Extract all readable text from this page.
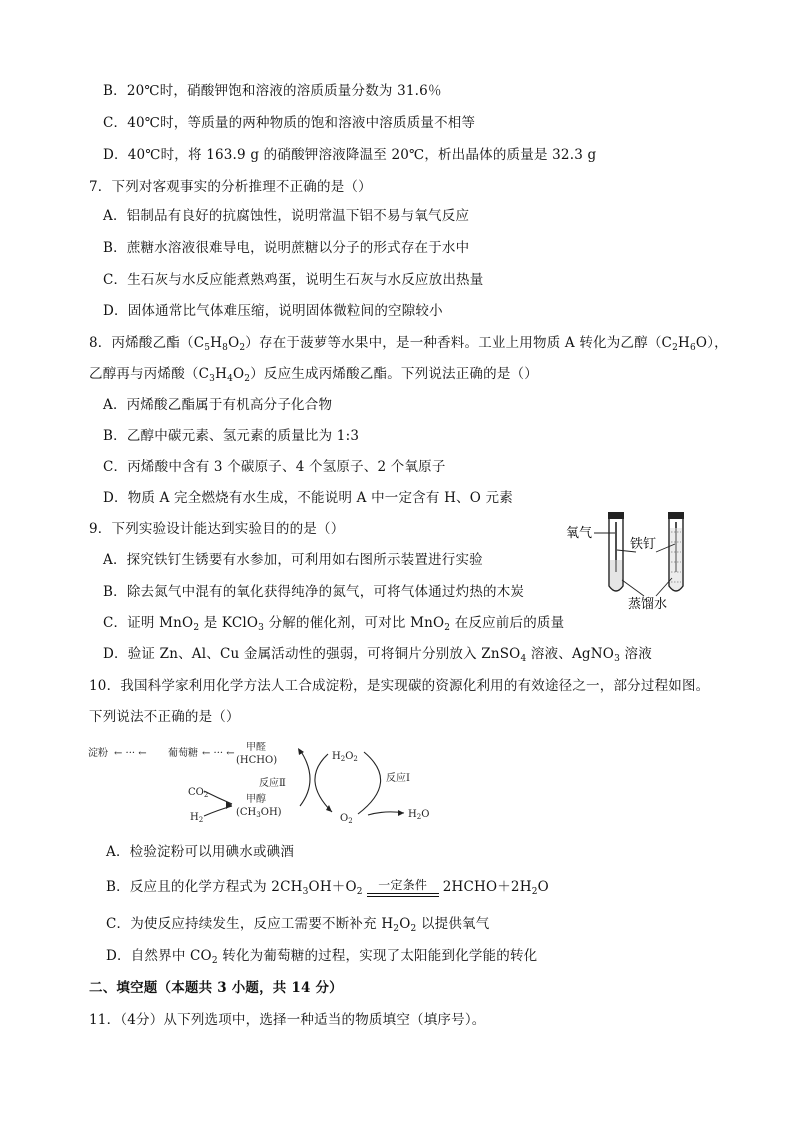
B．20℃时，硝酸钾饱和溶液的溶质质量分数为 31.6％
C．40℃时，等质量的两种物质的饱和溶液中溶质质量不相等
D．40℃时，将 163.9 g 的硝酸钾溶液降温至 20℃，析出晶体的质量是 32.3 g
7．下列对客观事实的分析推理不正确的是（）
A．铝制品有良好的抗腐蚀性，说明常温下铝不易与氧气反应
B．蔗糖水溶液很难导电，说明蔗糖以分子的形式存在于水中
C．生石灰与水反应能煮熟鸡蛋，说明生石灰与水反应放出热量
D．固体通常比气体难压缩，说明固体微粒间的空隙较小
8．丙烯酸乙酯$(C_5H_8O_2)$存在于菠萝等水果中，是一种香料。工业上用物质 A 转化为乙醇$(C_2H_6O)$，
乙醇再与丙烯酸$(C_3H_4O_2)$反应生成丙烯酸乙酯。下列说法正确的是（）
A．丙烯酸乙酯属于有机高分子化合物
B．乙醇中碳元素、氢元素的质量比为 1:3
C．丙烯酸中含有 3 个碳原子、4 个氢原子、2 个氧原子
D．物质 A 完全燃烧有水生成，不能说明 A 中一定含有 H、O 元素
9．下列实验设计能达到实验目的的是（）
A．探究铁钉生锈要有水参加，可利用如右图所示装置进行实验
B．除去氮气中混有的氧化获得纯净的氮气，可将气体通过灼热的木炭
C．证明 MnO$_2$ 是 KClO$_3$ 分解的催化剂，可对比 MnO$_2$ 在反应前后的质量
D．验证 Zn、Al、Cu 金属活动性的强弱，可将铜片分别放入 ZnSO$_4$ 溶液、AgNO$_3$ 溶液
氧气
铁钉
蒸馏水
10．我国科学家利用化学方法人工合成淀粉，是实现碳的资源化利用的有效途径之一，部分过程如图。
下列说法不正确的是（）
淀粉 ← ··· ← 葡萄糖 ← ··· ←
甲醛
(HCHO)
反应Ⅱ
甲醇
$(CH_3OH)$
$CO_2$
$H_2$
$H_2O_2$
反应Ⅰ
$O_2$
$H_2O$
A．检验淀粉可以用碘水或碘酒
B．反应且的化学方程式为 $2CH_3OH+O_2$
一定条件	$2HCHO+2H_2O$
C．为使反应持续发生，反应工需要不断补充 $H_2O_2$ 以提供氧气
D．自然界中 $CO_2$ 转化为葡萄糖的过程，实现了太阳能到化学能的转化
二、填空题（本题共 3 小题，共 14 分）
11．（4分）从下列选项中，选择一种适当的物质填空（填序号）。
